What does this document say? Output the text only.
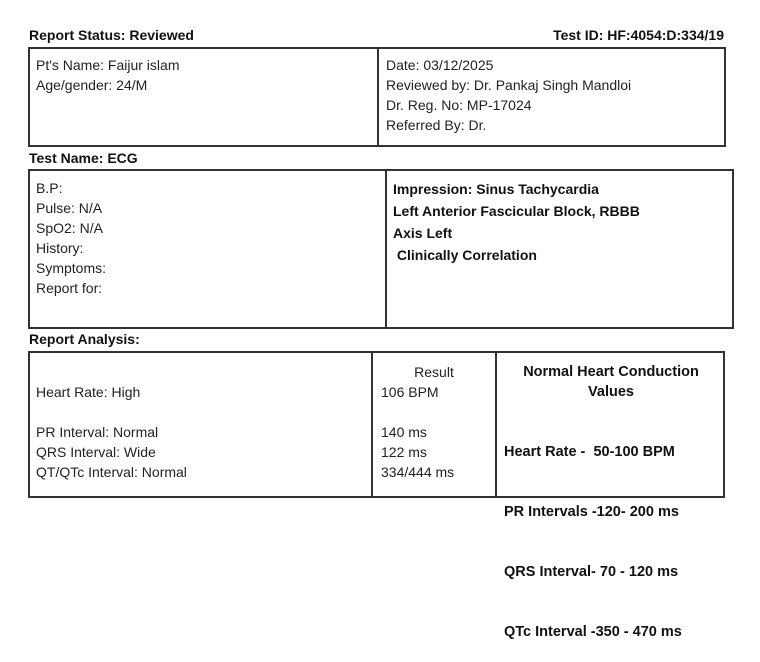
Report Status: Reviewed	Test ID: HF:4054:D:334/19
Pt's Name: Faijur islam
Age/gender: 24/M
Date: 03/12/2025
Reviewed by: Dr. Pankaj Singh Mandloi
Dr. Reg. No: MP-17024
Referred By: Dr.
Test Name: ECG
B.P:
Pulse: N/A
SpO2: N/A
History:
Symptoms:
Report for:
Impression: Sinus Tachycardia
Left Anterior Fascicular Block, RBBB
Axis Left
Clinically Correlation
Report Analysis:
Heart Rate: High
PR Interval: Normal
QRS Interval: Wide
QT/QTc Interval: Normal
Result
106 BPM
140 ms
122 ms
334/444 ms
Normal Heart Conduction
Values

Heart Rate -  50-100 BPM

PR Intervals -120- 200 ms

QRS Interval- 70 - 120 ms

QTc Interval -350 - 470 ms
